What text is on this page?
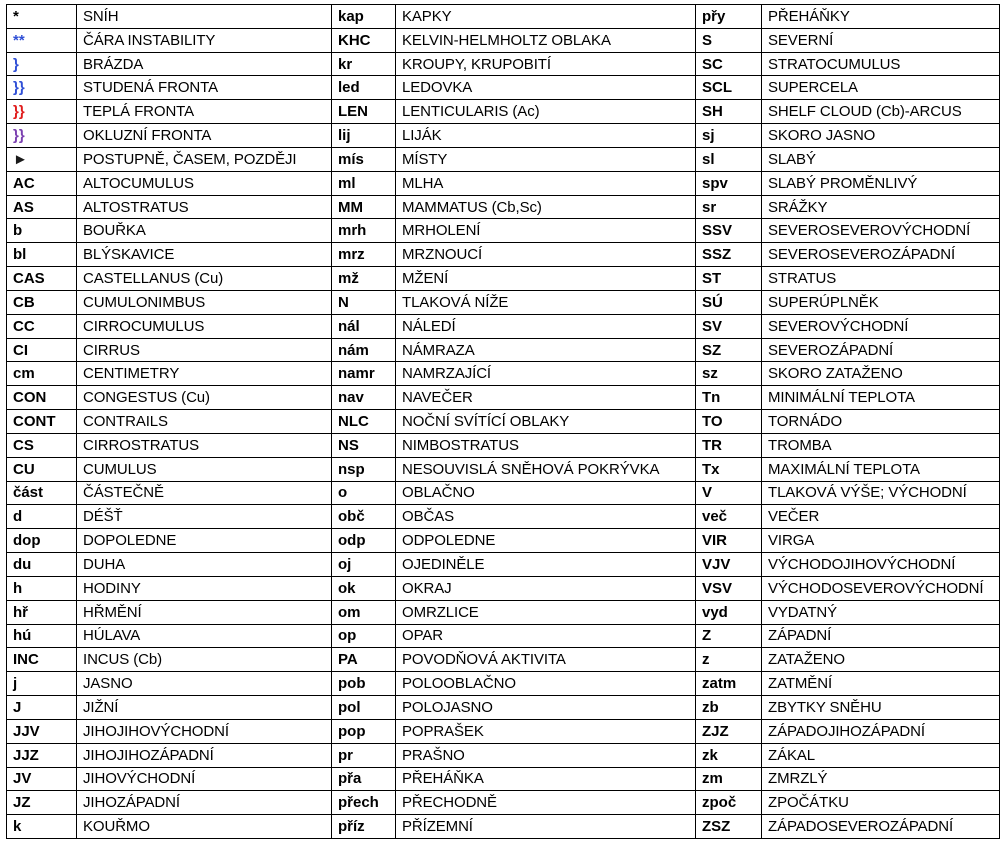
*	SNÍH	kap	KAPKY	přy	PŘEHÁŇKY
**	ČÁRA INSTABILITY	KHC	KELVIN-HELMHOLTZ OBLAKA	S	SEVERNÍ
}	BRÁZDA	kr	KROUPY, KRUPOBITÍ	SC	STRATOCUMULUS
}}	STUDENÁ FRONTA	led	LEDOVKA	SCL	SUPERCELA
}}	TEPLÁ FRONTA	LEN	LENTICULARIS (Ac)	SH	SHELF CLOUD (Cb)-ARCUS
}}	OKLUZNÍ FRONTA	lij	LIJÁK	sj	SKORO JASNO
►	POSTUPNĚ, ČASEM, POZDĚJI	mís	MÍSTY	sl	SLABÝ
AC	ALTOCUMULUS	ml	MLHA	spv	SLABÝ PROMĚNLIVÝ
AS	ALTOSTRATUS	MM	MAMMATUS (Cb,Sc)	sr	SRÁŽKY
b	BOUŘKA	mrh	MRHOLENÍ	SSV	SEVEROSEVEROVÝCHODNÍ
bl	BLÝSKAVICE	mrz	MRZNOUCÍ	SSZ	SEVEROSEVEROZÁPADNÍ
CAS	CASTELLANUS (Cu)	mž	MŽENÍ	ST	STRATUS
CB	CUMULONIMBUS	N	TLAKOVÁ NÍŽE	SÚ	SUPERÚPLNĚK
CC	CIRROCUMULUS	nál	NÁLEDÍ	SV	SEVEROVÝCHODNÍ
CI	CIRRUS	nám	NÁMRAZA	SZ	SEVEROZÁPADNÍ
cm	CENTIMETRY	namr	NAMRZAJÍCÍ	sz	SKORO ZATAŽENO
CON	CONGESTUS (Cu)	nav	NAVEČER	Tn	MINIMÁLNÍ TEPLOTA
CONT	CONTRAILS	NLC	NOČNÍ SVÍTÍCÍ OBLAKY	TO	TORNÁDO
CS	CIRROSTRATUS	NS	NIMBOSTRATUS	TR	TROMBA
CU	CUMULUS	nsp	NESOUVISLÁ SNĚHOVÁ POKRÝVKA	Tx	MAXIMÁLNÍ TEPLOTA
část	ČÁSTEČNĚ	o	OBLAČNO	V	TLAKOVÁ VÝŠE; VÝCHODNÍ
d	DÉŠŤ	obč	OBČAS	več	VEČER
dop	DOPOLEDNE	odp	ODPOLEDNE	VIR	VIRGA
du	DUHA	oj	OJEDINĚLE	VJV	VÝCHODOJIHOVÝCHODNÍ
h	HODINY	ok	OKRAJ	VSV	VÝCHODOSEVEROVÝCHODNÍ
hř	HŘMĚNÍ	om	OMRZLICE	vyd	VYDATNÝ
hú	HÚLAVA	op	OPAR	Z	ZÁPADNÍ
INC	INCUS (Cb)	PA	POVODŇOVÁ AKTIVITA	z	ZATAŽENO
j	JASNO	pob	POLOOBLAČNO	zatm	ZATMĚNÍ
J	JIŽNÍ	pol	POLOJASNO	zb	ZBYTKY SNĚHU
JJV	JIHOJIHOVÝCHODNÍ	pop	POPRAŠEK	ZJZ	ZÁPADOJIHOZÁPADNÍ
JJZ	JIHOJIHOZÁPADNÍ	pr	PRAŠNO	zk	ZÁKAL
JV	JIHOVÝCHODNÍ	přa	PŘEHÁŇKA	zm	ZMRZLÝ
JZ	JIHOZÁPADNÍ	přech	PŘECHODNĚ	zpoč	ZPOČÁTKU
k	KOUŘMO	příz	PŘÍZEMNÍ	ZSZ	ZÁPADOSEVEROZÁPADNÍ
